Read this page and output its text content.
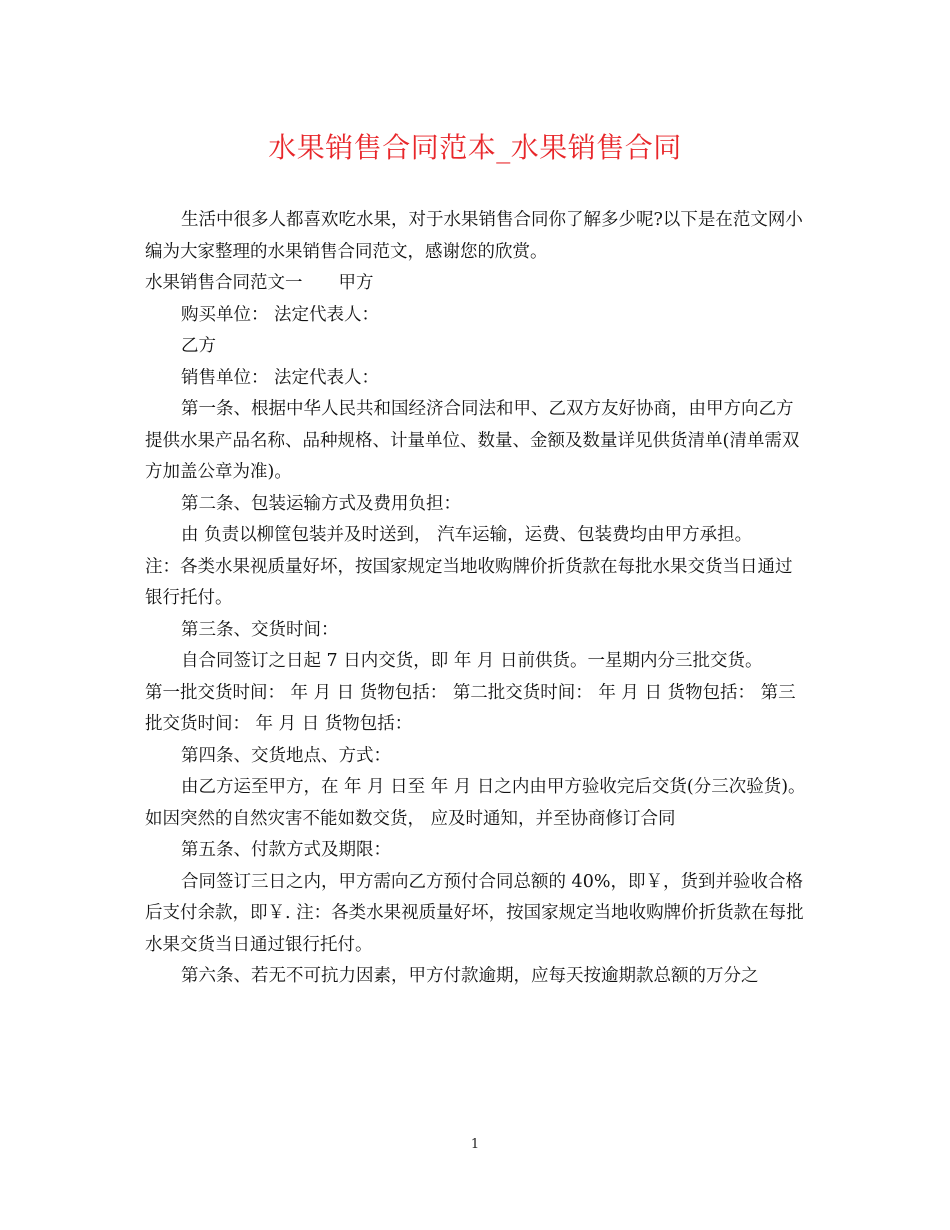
水果销售合同范本_水果销售合同

生活中很多人都喜欢吃水果，对于水果销售合同你了解多少呢?以下是在范文网小编为大家整理的水果销售合同范文，感谢您的欣赏。

水果销售合同范文一 甲方

购买单位： 法定代表人：

乙方

销售单位： 法定代表人：

第一条、根据中华人民共和国经济合同法和甲、乙双方友好协商，由甲方向乙方提供水果产品名称、品种规格、计量单位、数量、金额及数量详见供货清单(清单需双方加盖公章为准)。

第二条、包装运输方式及费用负担：

由 负责以柳筐包装并及时送到， 汽车运输，运费、包装费均由甲方承担。

注：各类水果视质量好坏，按国家规定当地收购牌价折货款在每批水果交货当日通过银行托付。

第三条、交货时间：

自合同签订之日起 7 日内交货，即 年 月 日前供货。一星期内分三批交货。

第一批交货时间： 年 月 日 货物包括： 第二批交货时间： 年 月 日 货物包括： 第三批交货时间： 年 月 日 货物包括：

第四条、交货地点、方式：

由乙方运至甲方，在 年 月 日至 年 月 日之内由甲方验收完后交货(分三次验货)。如因突然的自然灾害不能如数交货， 应及时通知，并至协商修订合同

第五条、付款方式及期限：

合同签订三日之内，甲方需向乙方预付合同总额的 40%，即￥，货到并验收合格后支付余款，即￥. 注：各类水果视质量好坏，按国家规定当地收购牌价折货款在每批水果交货当日通过银行托付。

第六条、若无不可抗力因素，甲方付款逾期，应每天按逾期款总额的万分之

1
